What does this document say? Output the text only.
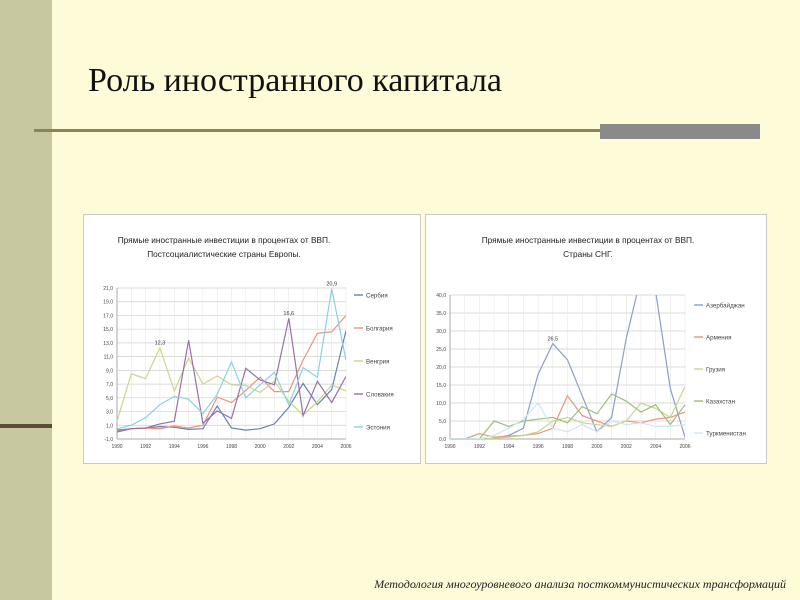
Роль иностранного капитала
Прямые иностранные инвестиции в процентах от ВВП.
Постсоциалистические страны Европы.
21,0
19,0
17,0
15,0
13,0
11,0
9,0
7,0
5,0
3,0
1,0
-1,0
1990	1992	1994	1996	1998	2000	2002	2004	2006
12,3
16,6
20,9
Сербия
Болгария
Венгрия
Словакия
Эстония
Прямые иностранные инвестиции в процентах от ВВП.
Страны СНГ.
40,0
35,0
30,0
25,0
20,0
15,0
10,0
5,0
0,0
1990	1992	1994	1996	1998	2000	2002	2004	2006
26,5
Азербайджан
Армения
Грузия
Казахстан
Туркменистан
Методология многоуровневого анализа посткоммунистических трансформаций
